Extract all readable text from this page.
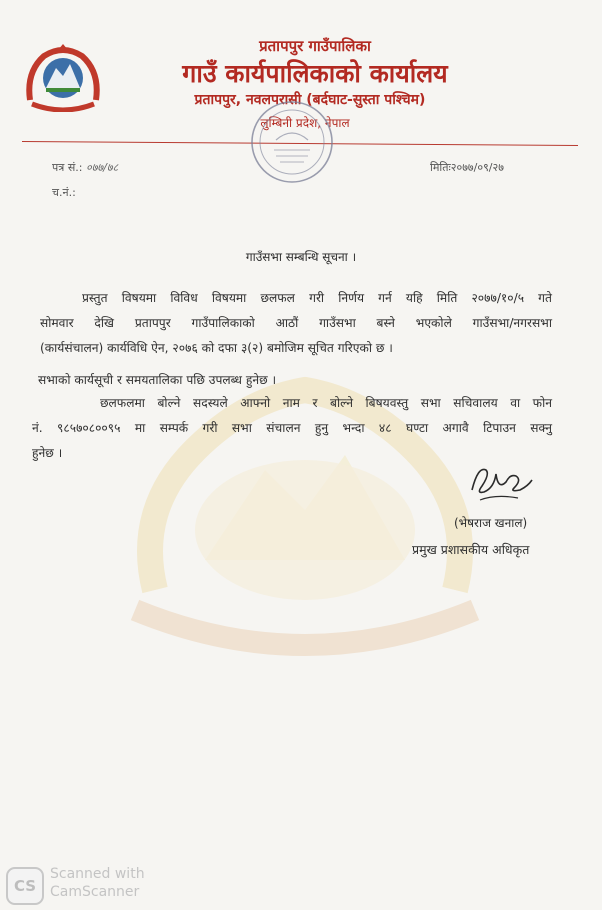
प्रतापपुर गाउँपालिका
गाउँ कार्यपालिकाको कार्यालय
प्रतापपुर, नवलपरासी (बर्दघाट-सुस्ता पश्चिम)
लुम्बिनी प्रदेश, नेपाल
पत्र सं.: ०७७/७८
च.नं.:
मितिः२०७७/०९/२७
गाउँसभा सम्बन्धि सूचना ।
प्रस्तुत विषयमा विविध विषयमा छलफल गरी निर्णय गर्न यहि मिति २०७७/१०/५ गते
सोमवार देखि प्रतापपुर गाउँपालिकाको आठौं गाउँसभा बस्ने भएकोले गाउँसभा/नगरसभा
(कार्यसंचालन) कार्यविधि ऐन, २०७६ को दफा ३(२) बमोजिम सूचित गरिएको छ ।
सभाको कार्यसूची र समयतालिका पछि उपलब्ध हुनेछ ।
छलफलमा बोल्ने सदस्यले आफ्नो नाम र बोल्ने बिषयवस्तु सभा सचिवालय वा फोन
नं. ९८५७०८००९५ मा सम्पर्क गरी सभा संचालन हुनु भन्दा ४८ घण्टा अगावै टिपाउन सक्नु
हुनेछ ।
(भेषराज खनाल)
प्रमुख प्रशासकीय अधिकृत
CS
Scanned with
CamScanner
